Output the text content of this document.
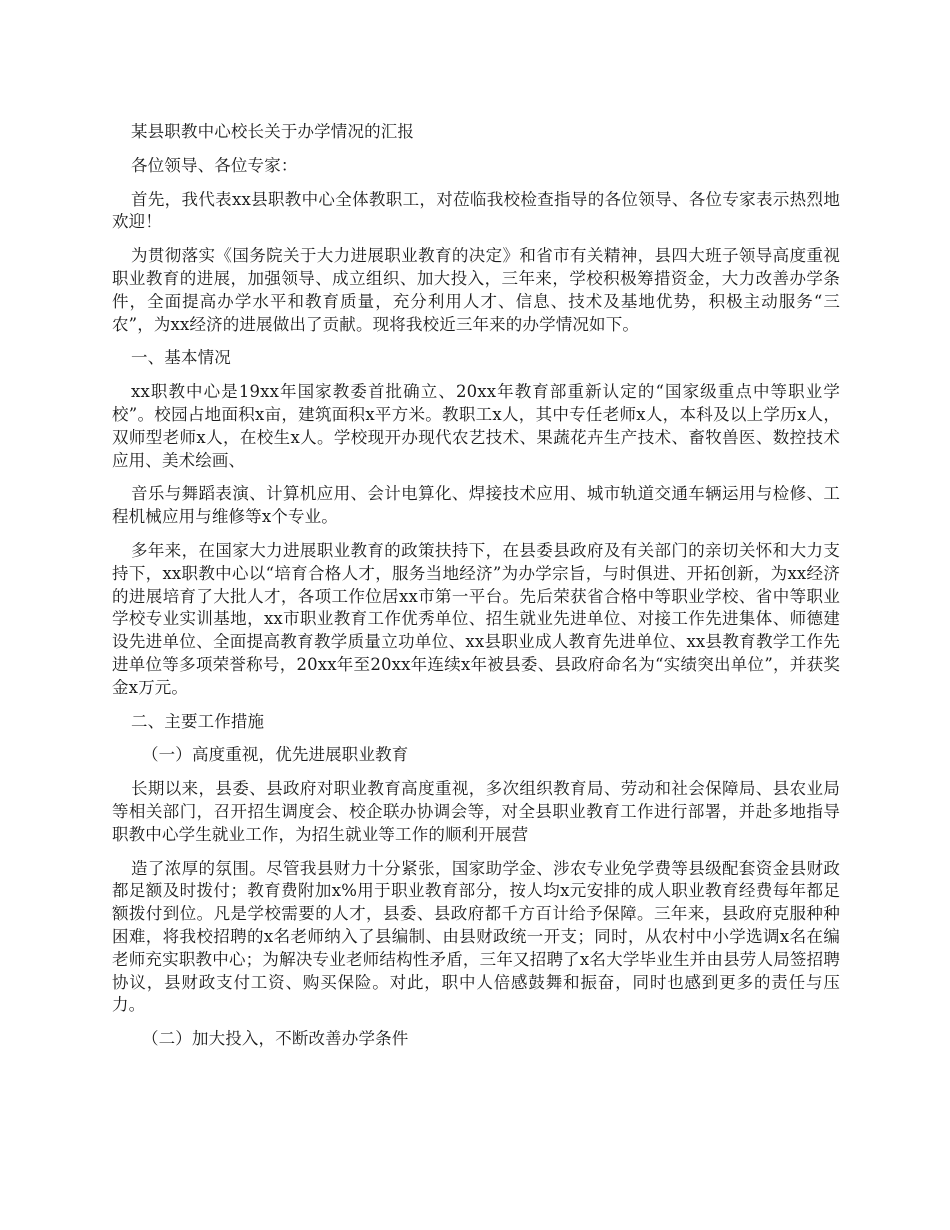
某县职教中心校长关于办学情况的汇报

各位领导、各位专家：

首先，我代表xx县职教中心全体教职工，对莅临我校检查指导的各位领导、各位专家表示热烈地欢迎！

为贯彻落实《国务院关于大力进展职业教育的决定》和省市有关精神，县四大班子领导高度重视职业教育的进展，加强领导、成立组织、加大投入，三年来，学校积极筹措资金，大力改善办学条件，全面提高办学水平和教育质量，充分利用人才、信息、技术及基地优势，积极主动服务“三农”，为xx经济的进展做出了贡献。现将我校近三年来的办学情况如下。

一、基本情况

xx职教中心是19xx年国家教委首批确立、20xx年教育部重新认定的“国家级重点中等职业学校”。校园占地面积x亩，建筑面积x平方米。教职工x人，其中专任老师x人，本科及以上学历x人，双师型老师x人，在校生x人。学校现开办现代农艺技术、果蔬花卉生产技术、畜牧兽医、数控技术应用、美术绘画、

音乐与舞蹈表演、计算机应用、会计电算化、焊接技术应用、城市轨道交通车辆运用与检修、工程机械应用与维修等x个专业。

多年来，在国家大力进展职业教育的政策扶持下，在县委县政府及有关部门的亲切关怀和大力支持下，xx职教中心以“培育合格人才，服务当地经济”为办学宗旨，与时俱进、开拓创新，为xx经济的进展培育了大批人才，各项工作位居xx市第一平台。先后荣获省合格中等职业学校、省中等职业学校专业实训基地，xx市职业教育工作优秀单位、招生就业先进单位、对接工作先进集体、师德建设先进单位、全面提高教育教学质量立功单位、xx县职业成人教育先进单位、xx县教育教学工作先进单位等多项荣誉称号，20xx年至20xx年连续x年被县委、县政府命名为“实绩突出单位”，并获奖金x万元。

二、主要工作措施

（一）高度重视，优先进展职业教育

长期以来，县委、县政府对职业教育高度重视，多次组织教育局、劳动和社会保障局、县农业局等相关部门，召开招生调度会、校企联办协调会等，对全县职业教育工作进行部署，并赴多地指导职教中心学生就业工作，为招生就业等工作的顺利开展营

造了浓厚的氛围。尽管我县财力十分紧张，国家助学金、涉农专业免学费等县级配套资金县财政都足额及时拨付；教育费附加x%用于职业教育部分，按人均x元安排的成人职业教育经费每年都足额拨付到位。凡是学校需要的人才，县委、县政府都千方百计给予保障。三年来，县政府克服种种困难，将我校招聘的x名老师纳入了县编制、由县财政统一开支；同时，从农村中小学选调x名在编老师充实职教中心；为解决专业老师结构性矛盾，三年又招聘了x名大学毕业生并由县劳人局签招聘协议，县财政支付工资、购买保险。对此，职中人倍感鼓舞和振奋，同时也感到更多的责任与压力。

（二）加大投入，不断改善办学条件
